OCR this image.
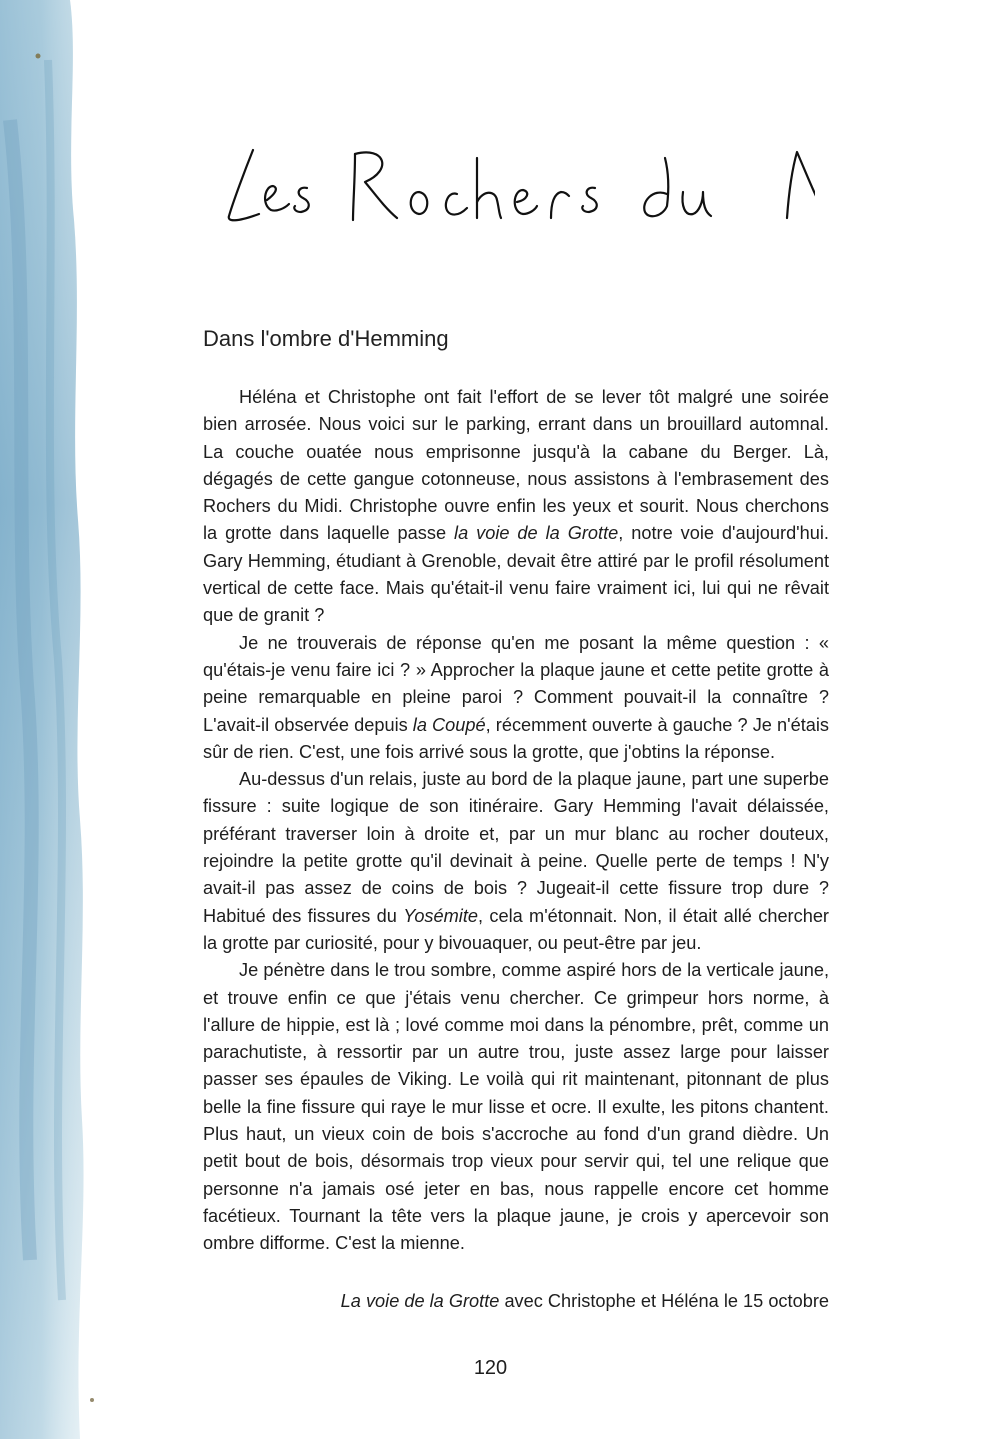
Dans l'ombre d'Hemming

Héléna et Christophe ont fait l'effort de se lever tôt malgré une soirée bien arrosée. Nous voici sur le parking, errant dans un brouillard automnal. La couche ouatée nous emprisonne jusqu'à la cabane du Berger. Là, dégagés de cette gangue cotonneuse, nous assistons à l'embrasement des Rochers du Midi. Christophe ouvre enfin les yeux et sourit. Nous cherchons la grotte dans laquelle passe la voie de la Grotte, notre voie d'aujourd'hui. Gary Hemming, étudiant à Grenoble, devait être attiré par le profil résolument vertical de cette face. Mais qu'était-il venu faire vraiment ici, lui qui ne rêvait que de granit ?

Je ne trouverais de réponse qu'en me posant la même question : « qu'étais-je venu faire ici ? » Approcher la plaque jaune et cette petite grotte à peine remarquable en pleine paroi ? Comment pouvait-il la connaître ? L'avait-il observée depuis la Coupé, récemment ouverte à gauche ? Je n'étais sûr de rien. C'est, une fois arrivé sous la grotte, que j'obtins la réponse.

Au-dessus d'un relais, juste au bord de la plaque jaune, part une superbe fissure : suite logique de son itinéraire. Gary Hemming l'avait délaissée, préférant traverser loin à droite et, par un mur blanc au rocher douteux, rejoindre la petite grotte qu'il devinait à peine. Quelle perte de temps ! N'y avait-il pas assez de coins de bois ? Jugeait-il cette fissure trop dure ? Habitué des fissures du Yosémite, cela m'étonnait. Non, il était allé chercher la grotte par curiosité, pour y bivouaquer, ou peut-être par jeu.

Je pénètre dans le trou sombre, comme aspiré hors de la verticale jaune, et trouve enfin ce que j'étais venu chercher. Ce grimpeur hors norme, à l'allure de hippie, est là ; lové comme moi dans la pénombre, prêt, comme un parachutiste, à ressortir par un autre trou, juste assez large pour laisser passer ses épaules de Viking. Le voilà qui rit maintenant, pitonnant de plus belle la fine fissure qui raye le mur lisse et ocre. Il exulte, les pitons chantent. Plus haut, un vieux coin de bois s'accroche au fond d'un grand dièdre. Un petit bout de bois, désormais trop vieux pour servir qui, tel une relique que personne n'a jamais osé jeter en bas, nous rappelle encore cet homme facétieux. Tournant la tête vers la plaque jaune, je crois y apercevoir son ombre difforme. C'est la mienne.

La voie de la Grotte avec Christophe et Héléna le 15 octobre
120
